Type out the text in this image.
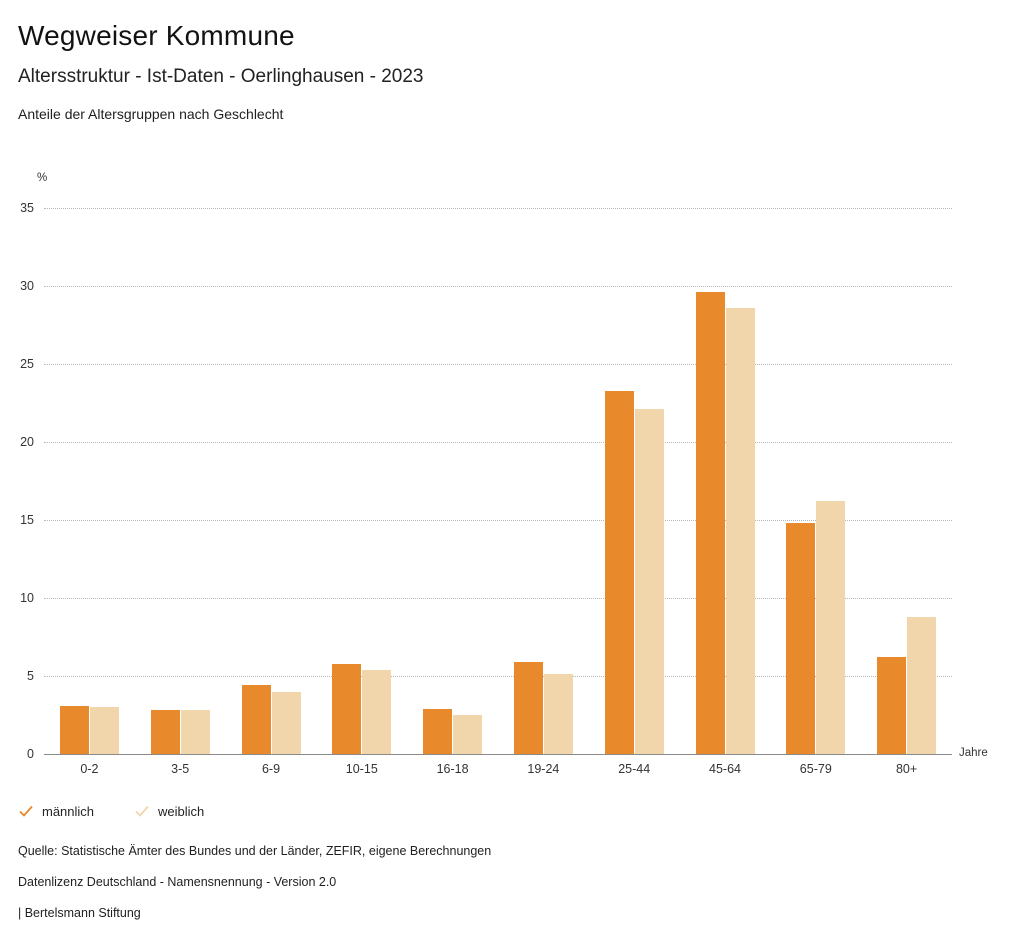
Wegweiser Kommune
Altersstruktur - Ist-Daten - Oerlinghausen - 2023
Anteile der Altersgruppen nach Geschlecht
%
Jahre
0
5
10
15
20
25
30
35
0-2	3-5	6-9	10-15	16-18	19-24	25-44	45-64	65-79	80+
männlich	weiblich
Quelle: Statistische Ämter des Bundes und der Länder, ZEFIR, eigene Berechnungen
Datenlizenz Deutschland - Namensnennung - Version 2.0
| Bertelsmann Stiftung
